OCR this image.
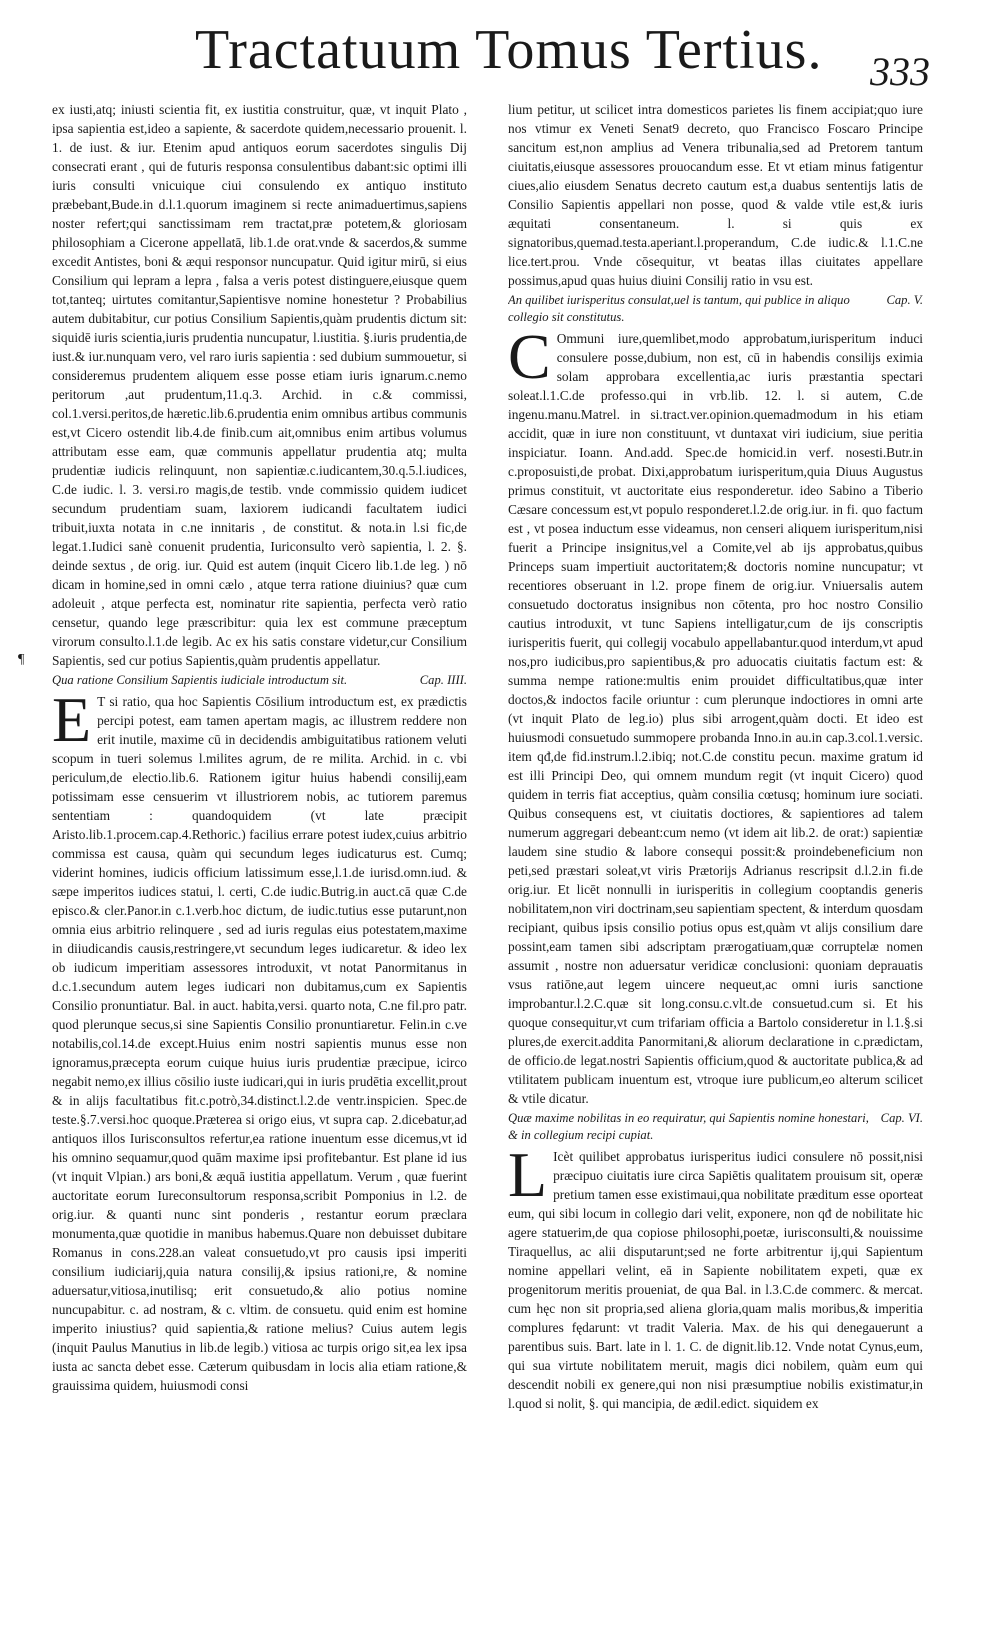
Tractatuum Tomus Tertius. 333
¶

ex iusti,atq; iniusti scientia fit, ex iustitia construitur, quæ, vt inquit Plato , ipsa sapientia est,ideo a sapiente, & sacerdote quidem,necessario prouenit. l. 1. de iust. & iur. Etenim apud antiquos eorum sacerdotes singulis Dij consecrati erant , qui de futuris responsa consulentibus dabant:sic optimi illi iuris consulti vnicuique ciui consulendo ex antiquo instituto præbebant,Bude.in d.l.1.quorum imaginem si recte animaduertimus,sapiens noster refert;qui sanctissimam rem tractat,præ potetem,& gloriosam philosophiam a Cicerone appellatā, lib.1.de orat.vnde & sacerdos,& summe excedit Antistes, boni & æqui responsor nuncupatur. Quid igitur mirū, si eius Consilium qui lepram a lepra , falsa a veris potest distinguere,eiusque quem tot,tanteq; uirtutes comitantur,Sapientisve nomine honestetur ? Probabilius autem dubitabitur, cur potius Consilium Sapientis,quàm prudentis dictum sit: siquidē iuris scientia,iuris prudentia nuncupatur, l.iustitia. §.iuris prudentia,de iust.& iur.nunquam vero, vel raro iuris sapientia : sed dubium summouetur, si consideremus prudentem aliquem esse posse etiam iuris ignarum.c.nemo peritorum ,aut prudentum,11.q.3. Archid. in c.& commissi, col.1.versi.peritos,de hæretic.lib.6.prudentia enim omnibus artibus communis est,vt Cicero ostendit lib.4.de finib.cum ait,omnibus enim artibus volumus attributam esse eam, quæ communis appellatur prudentia atq; multa prudentiæ iudicis relinquunt, non sapientiæ.c.iudicantem,30.q.5.l.iudices, C.de iudic. l. 3. versi.ro magis,de testib. vnde commissio quidem iudicet secundum prudentiam suam, laxiorem iudicandi facultatem iudici tribuit,iuxta notata in c.ne innitaris , de constitut. & nota.in l.si fic,de legat.1.Iudici sanè conuenit prudentia, Iuriconsulto verò sapientia, l. 2. §. deinde sextus , de orig. iur. Quid est autem (inquit Cicero lib.1.de leg. ) nō dicam in homine,sed in omni cælo , atque terra ratione diuinius? quæ cum adoleuit , atque perfecta est, nominatur rite sapientia, perfecta verò ratio censetur, quando lege præscribitur: quia lex est commune præceptum virorum consulto.l.1.de legib. Ac ex his satis constare videtur,cur Consilium Sapientis, sed cur potius Sapientis,quàm prudentis appellatur.

Cap. IIII.
Qua ratione Consilium Sapientis iudiciale introductum sit.

E T si ratio, qua hoc Sapientis Cōsilium introductum est, ex prædictis percipi potest, eam tamen apertam magis, ac illustrem reddere non erit inutile, maxime cū in decidendis ambiguitatibus rationem veluti scopum in tueri solemus l.milites agrum, de re milita. Archid. in c. vbi periculum,de electio.lib.6. Rationem igitur huius habendi consilij,eam potissimam esse censuerim vt illustriorem nobis, ac tutiorem paremus sententiam : quandoquidem (vt late præcipit Aristo.lib.1.procem.cap.4.Rethoric.) facilius errare potest iudex,cuius arbitrio commissa est causa, quàm qui secundum leges iudicaturus est. Cumq; viderint homines, iudicis officium latissimum esse,l.1.de iurisd.omn.iud. & sæpe imperitos iudices statui, l. certi, C.de iudic.Butrig.in auct.cā quæ C.de episco.& cler.Panor.in c.1.verb.hoc dictum, de iudic.tutius esse putarunt,non omnia eius arbitrio relinquere , sed ad iuris regulas eius potestatem,maxime in diiudicandis causis,restringere,vt secundum leges iudicaretur. & ideo lex ob iudicum imperitiam assessores introduxit, vt notat Panormitanus in d.c.1.secundum autem leges iudicari non dubitamus,cum ex Sapientis Consilio pronuntiatur. Bal. in auct. habita,versi. quarto nota, C.ne fil.pro patr. quod plerunque secus,si sine Sapientis Consilio pronuntiaretur. Felin.in c.ve notabilis,col.14.de except.Huius enim nostri sapientis munus esse non ignoramus,præcepta eorum cuique huius iuris prudentiæ præcipue, icirco negabit nemo,ex illius cōsilio iuste iudicari,qui in iuris prudētia excellit,prout & in alijs facultatibus fit.c.potrò,34.distinct.l.2.de ventr.inspicien. Spec.de teste.§.7.versi.hoc quoque.Præterea si origo eius, vt supra cap. 2.dicebatur,ad antiquos illos Iurisconsultos refertur,ea ratione inuentum esse dicemus,vt id his omnino sequamur,quod quām maxime ipsi profitebantur. Est plane id ius (vt inquit Vlpian.) ars boni,& æquā iustitia appellatum. Verum , quæ fuerint auctoritate eorum Iureconsultorum responsa,scribit Pomponius in l.2. de orig.iur. & quanti nunc sint ponderis , restantur eorum præclara monumenta,quæ quotidie in manibus habemus.Quare non debuisset dubitare Romanus in cons.228.an valeat consuetudo,vt pro causis ipsi imperiti consilium iudiciarij,quia natura consilij,& ipsius rationi,re, & nomine aduersatur,vitiosa,inutilisq; erit consuetudo,& alio potius nomine nuncupabitur. c. ad nostram, & c. vltim. de consuetu. quid enim est homine imperito iniustius? quid sapientia,& ratione melius? Cuius autem legis (inquit Paulus Manutius in lib.de legib.) vitiosa ac turpis origo sit,ea lex ipsa iusta ac sancta debet esse. Cæterum quibusdam in locis alia etiam ratione,& grauissima quidem, huiusmodi consi

lium petitur, ut scilicet intra domesticos parietes lis finem accipiat;quo iure nos vtimur ex Veneti Senat9 decreto, quo Francisco Foscaro Principe sancitum est,non amplius ad Venera tribunalia,sed ad Pretorem tantum ciuitatis,eiusque assessores prouocandum esse. Et vt etiam minus fatigentur ciues,alio eiusdem Senatus decreto cautum est,a duabus sententijs latis de Consilio Sapientis appellari non posse, quod & valde vtile est,& iuris æquitati consentaneum. l. si quis ex signatoribus,quemad.testa.aperiant.l.properandum, C.de iudic.& l.1.C.ne lice.tert.prou. Vnde cōsequitur, vt beatas illas ciuitates appellare possimus,apud quas huius diuini Consilij ratio in vsu est.

Cap. V.
An quilibet iurisperitus consulat,uel is tantum, qui publice in aliquo collegio sit constitutus.

C Ommuni iure,quemlibet,modo approbatum,iurisperitum induci consulere posse,dubium, non est, cū in habendis consilijs eximia solam approbara excellentia,ac iuris præstantia spectari soleat.l.1.C.de professo.qui in vrb.lib. 12. l. si autem, C.de ingenu.manu.Matrel. in si.tract.ver.opinion.quemadmodum in his etiam accidit, quæ in iure non constituunt, vt duntaxat viri iudicium, siue peritia inspiciatur. Ioann. And.add. Spec.de homicid.in verf. nosesti.Butr.in c.proposuisti,de probat. Dixi,approbatum iurisperitum,quia Diuus Augustus primus constituit, vt auctoritate eius responderetur. ideo Sabino a Tiberio Cæsare concessum est,vt populo responderet.l.2.de orig.iur. in fi. quo factum est , vt posea inductum esse videamus, non censeri aliquem iurisperitum,nisi fuerit a Principe insignitus,vel a Comite,vel ab ijs approbatus,quibus Princeps suam impertiuit auctoritatem;& doctoris nomine nuncupatur; vt recentiores obseruant in l.2. prope finem de orig.iur. Vniuersalis autem consuetudo doctoratus insignibus non cōtenta, pro hoc nostro Consilio cautius introduxit, vt tunc Sapiens intelligatur,cum de ijs conscriptis iurisperitis fuerit, qui collegij vocabulo appellabantur.quod interdum,vt apud nos,pro iudicibus,pro sapientibus,& pro aduocatis ciuitatis factum est: & summa nempe ratione:multis enim prouidet difficultatibus,quæ inter doctos,& indoctos facile oriuntur : cum plerunque indoctiores in omni arte (vt inquit Plato de leg.io) plus sibi arrogent,quàm docti. Et ideo est huiusmodi consuetudo summopere probanda Inno.in au.in cap.3.col.1.versic. item qđ,de fid.instrum.l.2.ibiq; not.C.de constitu pecun. maxime gratum id est illi Principi Deo, qui omnem mundum regit (vt inquit Cicero) quod quidem in terris fiat acceptius, quàm consilia cœtusq; hominum iure sociati. Quibus consequens est, vt ciuitatis doctiores, & sapientiores ad talem numerum aggregari debeant:cum nemo (vt idem ait lib.2. de orat:) sapientiæ laudem sine studio & labore consequi possit:& proindebeneficium non peti,sed præstari soleat,vt viris Prætorijs Adrianus rescripsit d.l.2.in fi.de orig.iur. Et licēt nonnulli in iurisperitis in collegium cooptandis generis nobilitatem,non viri doctrinam,seu sapientiam spectent, & interdum quosdam recipiant, quibus ipsis consilio potius opus est,quàm vt alijs consilium dare possint,eam tamen sibi adscriptam prærogatiuam,quæ corruptelæ nomen assumit , nostre non aduersatur veridicæ conclusioni: quoniam deprauatis vsus ratiōne,aut legem uincere nequeut,ac omni iuris sanctione improbantur.l.2.C.quæ sit long.consu.c.vlt.de consuetud.cum si. Et his quoque consequitur,vt cum trifariam officia a Bartolo consideretur in l.1.§.si plures,de exercit.addita Panormitani,& aliorum declaratione in c.prædictam, de officio.de legat.nostri Sapientis officium,quod & auctoritate publica,& ad vtilitatem publicam inuentum est, vtroque iure publicum,eo alterum scilicet & vtile dicatur.

Cap. VI.
Quæ maxime nobilitas in eo requiratur, qui Sapientis nomine honestari, & in collegium recipi cupiat.

L Icèt quilibet approbatus iurisperitus iudici consulere nō possit,nisi præcipuo ciuitatis iure circa Sapiētis qualitatem prouisum sit, operæ pretium tamen esse existimaui,qua nobilitate præditum esse oporteat eum, qui sibi locum in collegio dari velit, exponere, non qđ de nobilitate hic agere statuerim,de qua copiose philosophi,poetæ, iurisconsulti,& nouissime Tiraquellus, ac alii disputarunt;sed ne forte arbitrentur ij,qui Sapientum nomine appellari velint, eā in Sapiente nobilitatem expeti, quæ ex progenitorum meritis proueniat, de qua Bal. in l.3.C.de commerc. & mercat. cum hęc non sit propria,sed aliena gloria,quam malis moribus,& imperitia complures fędarunt: vt tradit Valeria. Max. de his qui denegauerunt a parentibus suis. Bart. late in l. 1. C. de dignit.lib.12. Vnde notat Cynus,eum, qui sua virtute nobilitatem meruit, magis dici nobilem, quàm eum qui descendit nobili ex genere,qui non nisi præsumptiue nobilis existimatur,in l.quod si nolit, §. qui mancipia, de ædil.edict. siquidem ex
